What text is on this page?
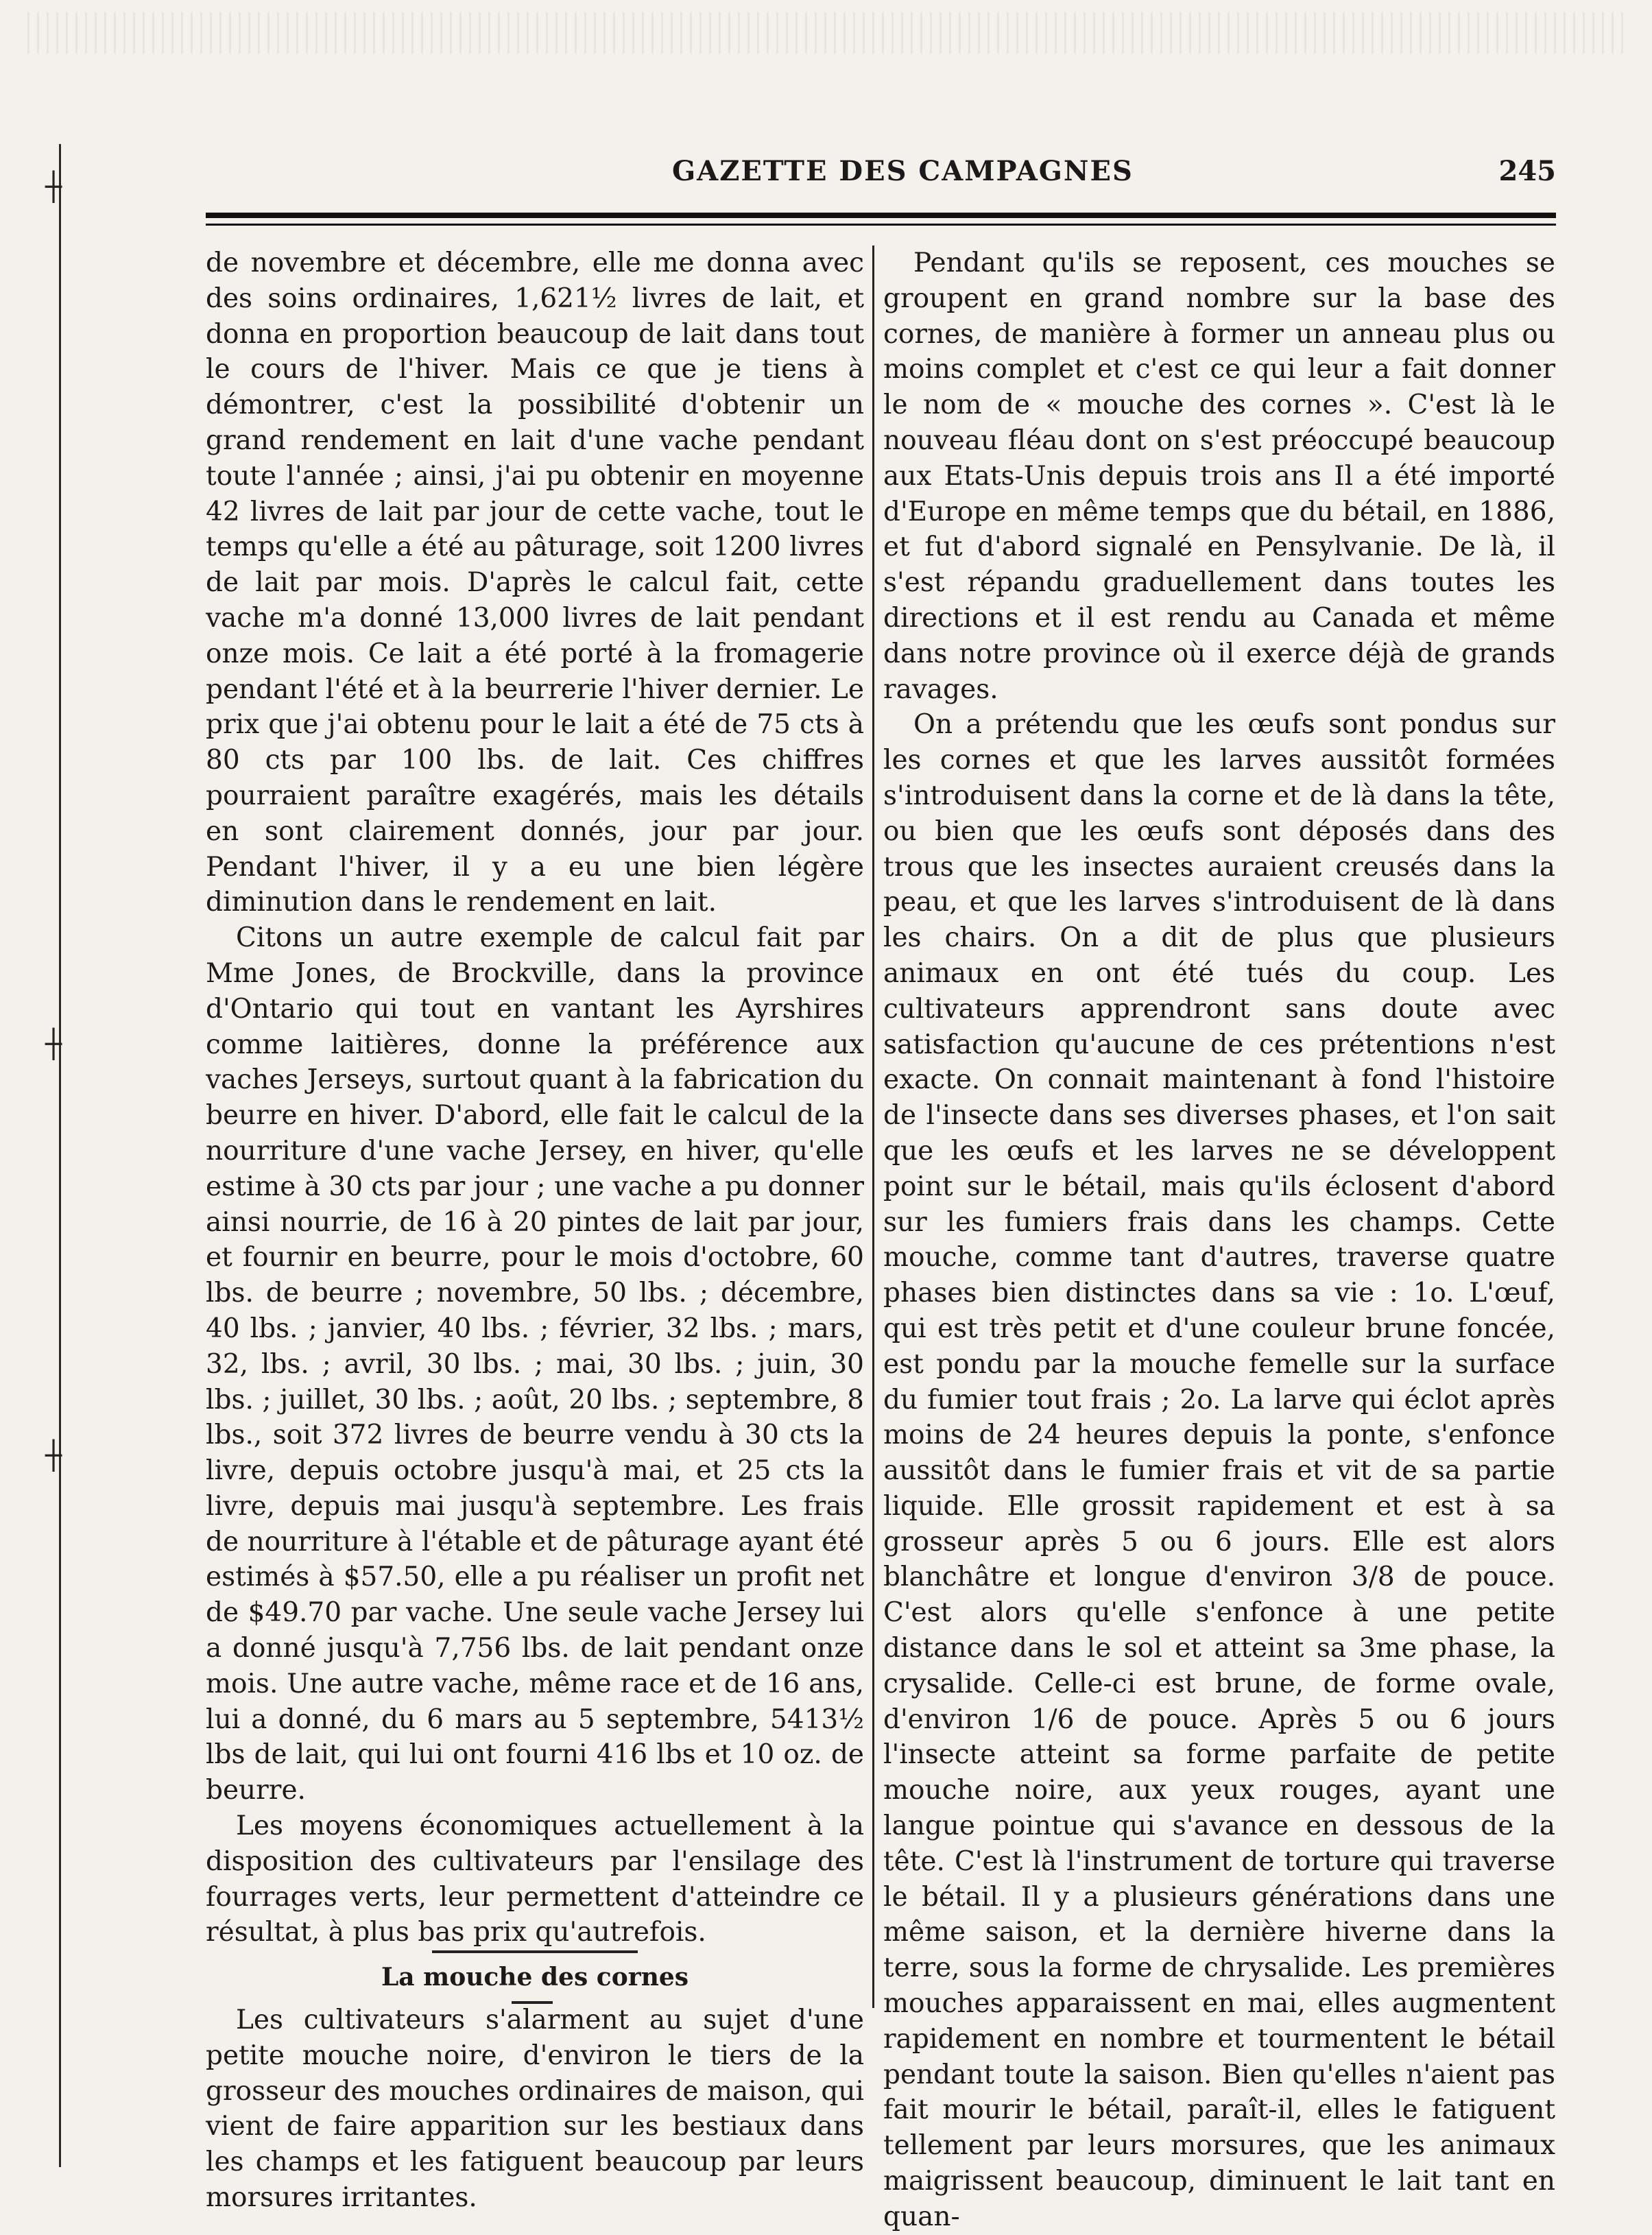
┼
┼
┼
GAZETTE DES CAMPAGNES	245

de novembre et décembre, elle me donna avec des soins ordinaires, 1,621½ livres de lait, et donna en proportion beaucoup de lait dans tout le cours de l'hiver. Mais ce que je tiens à démontrer, c'est la possibilité d'obtenir un grand rendement en lait d'une vache pendant toute l'année ; ainsi, j'ai pu obtenir en moyenne 42 livres de lait par jour de cette vache, tout le temps qu'elle a été au pâturage, soit 1200 livres de lait par mois. D'après le calcul fait, cette vache m'a donné 13,000 livres de lait pendant onze mois. Ce lait a été porté à la fromagerie pendant l'été et à la beurrerie l'hiver dernier. Le prix que j'ai obtenu pour le lait a été de 75 cts à 80 cts par 100 lbs. de lait. Ces chiffres pourraient paraître exagérés, mais les détails en sont clairement donnés, jour par jour. Pendant l'hiver, il y a eu une bien légère diminution dans le rendement en lait.

Citons un autre exemple de calcul fait par Mme Jones, de Brockville, dans la province d'Ontario qui tout en vantant les Ayrshires comme laitières, donne la préférence aux vaches Jerseys, surtout quant à la fabrication du beurre en hiver. D'abord, elle fait le calcul de la nourriture d'une vache Jersey, en hiver, qu'elle estime à 30 cts par jour ; une vache a pu donner ainsi nourrie, de 16 à 20 pintes de lait par jour, et fournir en beurre, pour le mois d'octobre, 60 lbs. de beurre ; novembre, 50 lbs. ; décembre, 40 lbs. ; janvier, 40 lbs. ; février, 32 lbs. ; mars, 32, lbs. ; avril, 30 lbs. ; mai, 30 lbs. ; juin, 30 lbs. ; juillet, 30 lbs. ; août, 20 lbs. ; septembre, 8 lbs., soit 372 livres de beurre vendu à 30 cts la livre, depuis octobre jusqu'à mai, et 25 cts la livre, depuis mai jusqu'à septembre. Les frais de nourriture à l'étable et de pâturage ayant été estimés à $57.50, elle a pu réaliser un profit net de $49.70 par vache. Une seule vache Jersey lui a donné jusqu'à 7,756 lbs. de lait pendant onze mois. Une autre vache, même race et de 16 ans, lui a donné, du 6 mars au 5 septembre, 5413½ lbs de lait, qui lui ont fourni 416 lbs et 10 oz. de beurre.

Les moyens économiques actuellement à la disposition des cultivateurs par l'ensilage des fourrages verts, leur permettent d'atteindre ce résultat, à plus bas prix qu'autrefois.

La mouche des cornes

Les cultivateurs s'alarment au sujet d'une petite mouche noire, d'environ le tiers de la grosseur des mouches ordinaires de maison, qui vient de faire apparition sur les bestiaux dans les champs et les fatiguent beaucoup par leurs morsures irritantes.

Pendant qu'ils se reposent, ces mouches se groupent en grand nombre sur la base des cornes, de manière à former un anneau plus ou moins complet et c'est ce qui leur a fait donner le nom de « mouche des cornes ». C'est là le nouveau fléau dont on s'est préoccupé beaucoup aux Etats-Unis depuis trois ans Il a été importé d'Europe en même temps que du bétail, en 1886, et fut d'abord signalé en Pensylvanie. De là, il s'est répandu graduellement dans toutes les directions et il est rendu au Canada et même dans notre province où il exerce déjà de grands ravages.

On a prétendu que les œufs sont pondus sur les cornes et que les larves aussitôt formées s'introduisent dans la corne et de là dans la tête, ou bien que les œufs sont déposés dans des trous que les insectes auraient creusés dans la peau, et que les larves s'introduisent de là dans les chairs. On a dit de plus que plusieurs animaux en ont été tués du coup. Les cultivateurs apprendront sans doute avec satisfaction qu'aucune de ces prétentions n'est exacte. On connait maintenant à fond l'histoire de l'insecte dans ses diverses phases, et l'on sait que les œufs et les larves ne se développent point sur le bétail, mais qu'ils éclosent d'abord sur les fumiers frais dans les champs. Cette mouche, comme tant d'autres, traverse quatre phases bien distinctes dans sa vie : 1o. L'œuf, qui est très petit et d'une couleur brune foncée, est pondu par la mouche femelle sur la surface du fumier tout frais ; 2o. La larve qui éclot après moins de 24 heures depuis la ponte, s'enfonce aussitôt dans le fumier frais et vit de sa partie liquide. Elle grossit rapidement et est à sa grosseur après 5 ou 6 jours. Elle est alors blanchâtre et longue d'environ 3/8 de pouce. C'est alors qu'elle s'enfonce à une petite distance dans le sol et atteint sa 3me phase, la crysalide. Celle-ci est brune, de forme ovale, d'environ 1/6 de pouce. Après 5 ou 6 jours l'insecte atteint sa forme parfaite de petite mouche noire, aux yeux rouges, ayant une langue pointue qui s'avance en dessous de la tête. C'est là l'instrument de torture qui traverse le bétail. Il y a plusieurs générations dans une même saison, et la dernière hiverne dans la terre, sous la forme de chrysalide. Les premières mouches apparaissent en mai, elles augmentent rapidement en nombre et tourmentent le bétail pendant toute la saison. Bien qu'elles n'aient pas fait mourir le bétail, paraît-il, elles le fatiguent tellement par leurs morsures, que les animaux maigrissent beaucoup, diminuent le lait tant en quan-
